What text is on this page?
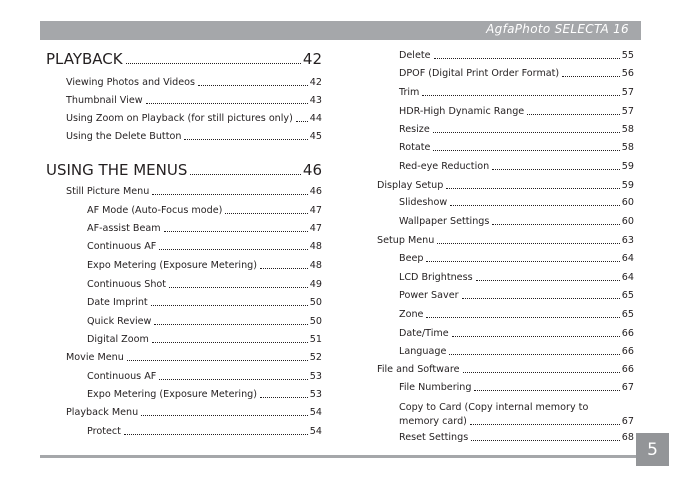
AgfaPhoto SELECTA 16
PLAYBACK	42
Viewing Photos and Videos	42
Thumbnail View	43
Using Zoom on Playback (for still pictures only) 44
Using the Delete Button	45
USING THE MENUS	46
Still Picture Menu	46
AF Mode (Auto-Focus mode)	47
AF-assist Beam	47
Continuous AF	48
Expo Metering (Exposure Metering)	48
Continuous Shot	49
Date Imprint	50
Quick Review	50
Digital Zoom	51
Movie Menu	52
Continuous AF	53
Expo Metering (Exposure Metering)	53
Playback Menu	54
Protect	54
Delete	55
DPOF (Digital Print Order Format)	56
Trim	57
HDR-High Dynamic Range	57
Resize	58
Rotate	58
Red-eye Reduction	59
Display Setup	59
Slideshow	60
Wallpaper Settings	60
Setup Menu	63
Beep	64
LCD Brightness	64
Power Saver	65
Zone	65
Date/Time	66
Language	66
File and Software	66
File Numbering	67
Copy to Card (Copy internal memory to
memory card)	67
Reset Settings	68
5
